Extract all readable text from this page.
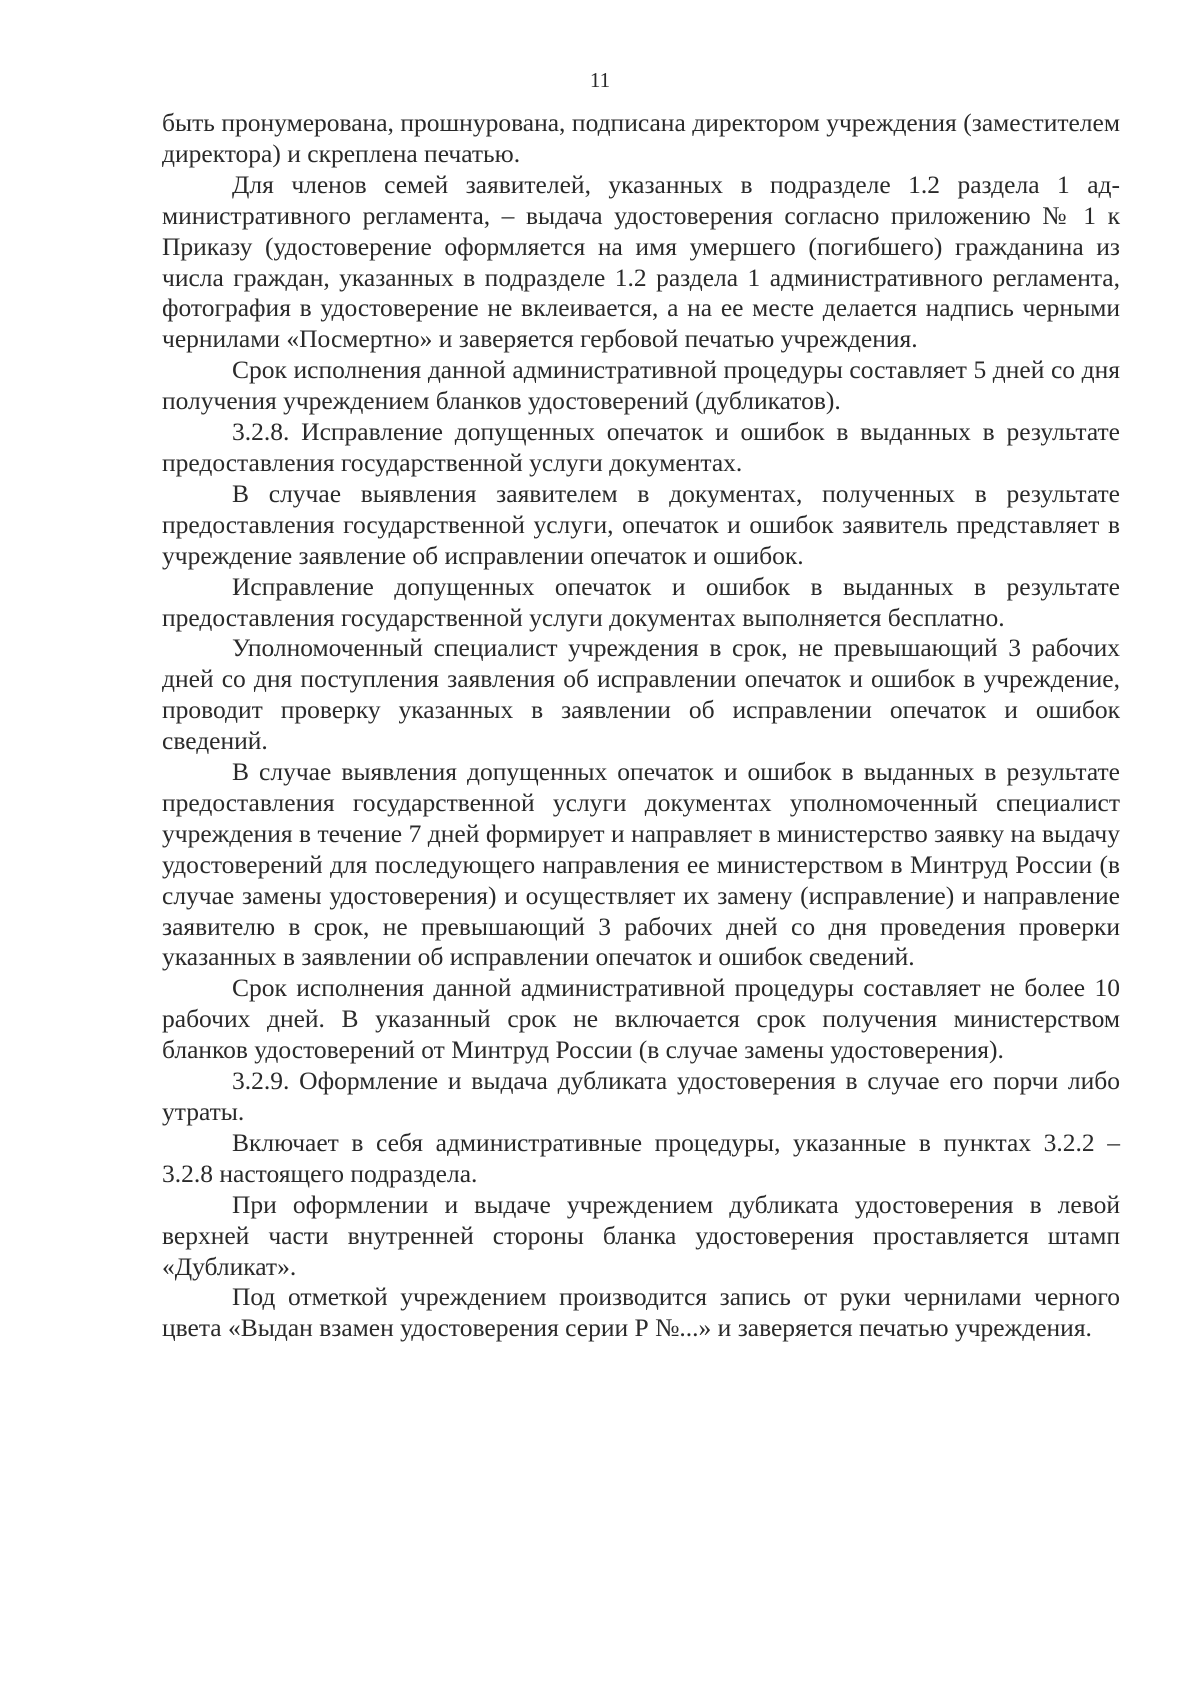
11

быть пронумерована, прошнурована, подписана директором учреждения (заместителем директора) и скреплена печатью.

Для членов семей заявителей, указанных в подразделе 1.2 раздела 1 административного регламента, – выдача удостоверения согласно приложению № 1 к Приказу (удостоверение оформляется на имя умершего (погибшего) гражданина из числа граждан, указанных в подразделе 1.2 раздела 1 административного регламента, фотография в удостоверение не вклеивается, а на ее месте делается надпись черными чернилами «Посмертно» и заверяется гербовой печатью учреждения.

Срок исполнения данной административной процедуры составляет 5 дней со дня получения учреждением бланков удостоверений (дубликатов).

3.2.8. Исправление допущенных опечаток и ошибок в выданных в результате предоставления государственной услуги документах.

В случае выявления заявителем в документах, полученных в результате предоставления государственной услуги, опечаток и ошибок заявитель представляет в учреждение заявление об исправлении опечаток и ошибок.

Исправление допущенных опечаток и ошибок в выданных в результате предоставления государственной услуги документах выполняется бесплатно.

Уполномоченный специалист учреждения в срок, не превышающий 3 рабочих дней со дня поступления заявления об исправлении опечаток и ошибок в учреждение, проводит проверку указанных в заявлении об исправлении опечаток и ошибок сведений.

В случае выявления допущенных опечаток и ошибок в выданных в результате предоставления государственной услуги документах уполномоченный специалист учреждения в течение 7 дней формирует и направляет в министерство заявку на выдачу удостоверений для последующего направления ее министерством в Минтруд России (в случае замены удостоверения) и осуществляет их замену (исправление) и направление заявителю в срок, не превышающий 3 рабочих дней со дня проведения проверки указанных в заявлении об исправлении опечаток и ошибок сведений.

Срок исполнения данной административной процедуры составляет не более 10 рабочих дней. В указанный срок не включается срок получения министерством бланков удостоверений от Минтруд России (в случае замены удостоверения).

3.2.9. Оформление и выдача дубликата удостоверения в случае его порчи либо утраты.

Включает в себя административные процедуры, указанные в пунктах 3.2.2 – 3.2.8 настоящего подраздела.

При оформлении и выдаче учреждением дубликата удостоверения в левой верхней части внутренней стороны бланка удостоверения проставляется штамп «Дубликат».

Под отметкой учреждением производится запись от руки чернилами черного цвета «Выдан взамен удостоверения серии Р №...» и заверяется печатью учреждения.
